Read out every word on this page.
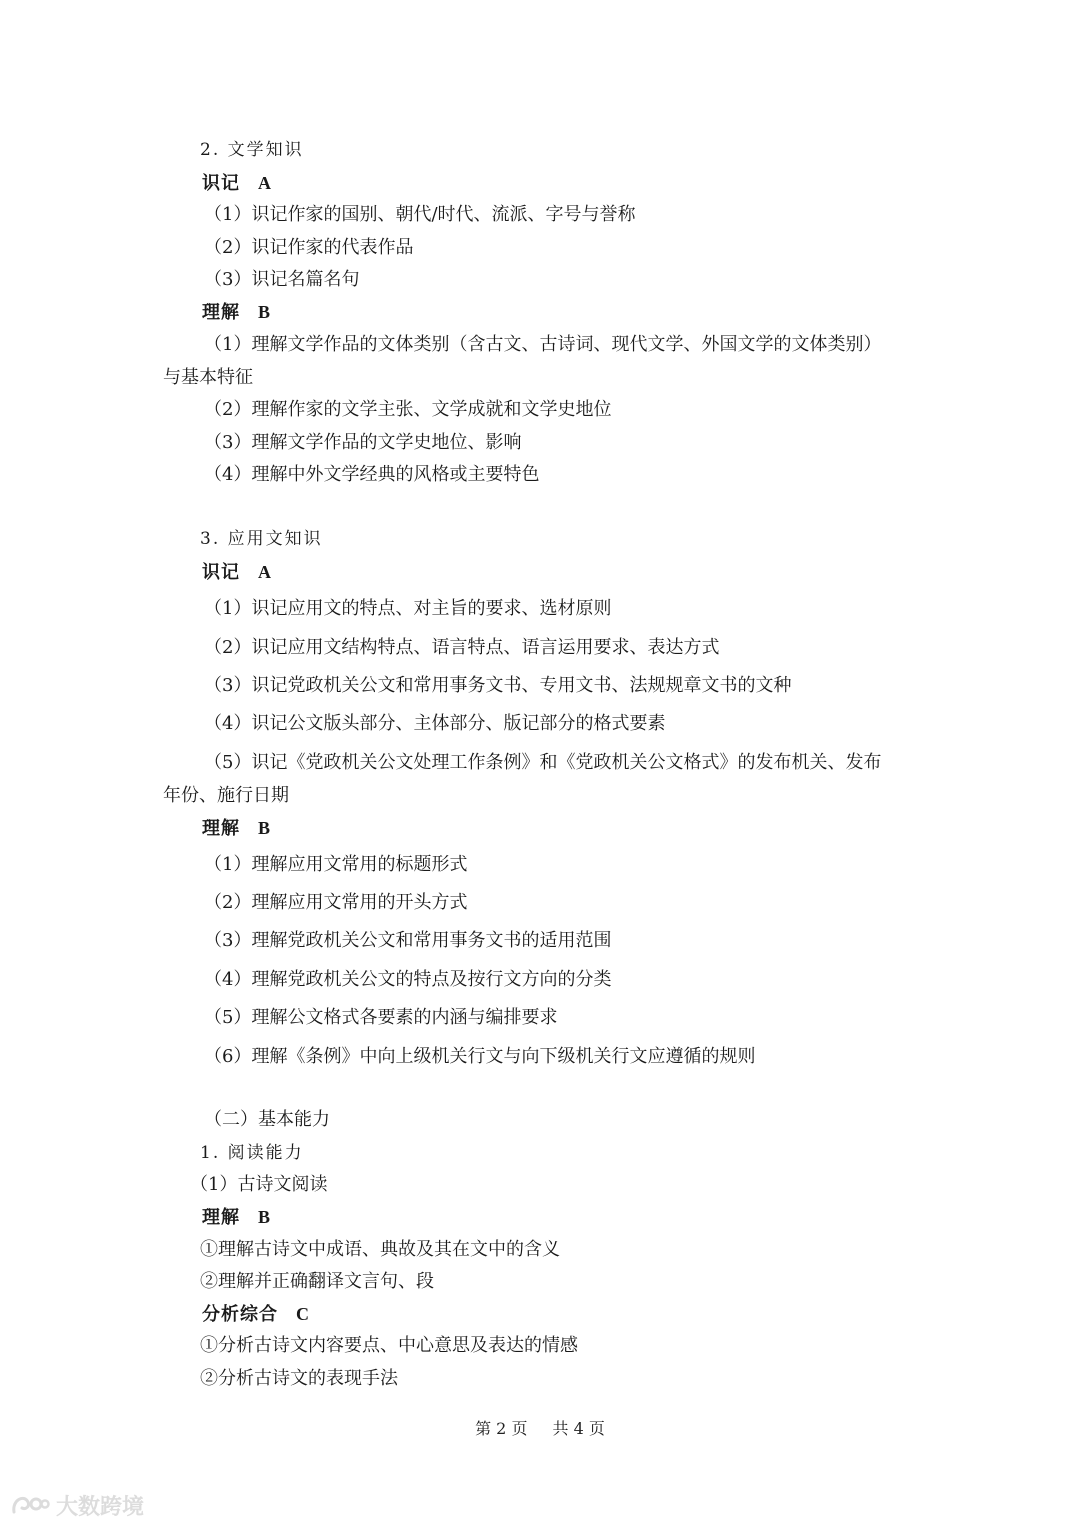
2. 文学知识
识记 A
（1）识记作家的国别、朝代/时代、流派、字号与誉称
（2）识记作家的代表作品
（3）识记名篇名句
理解 B
（1）理解文学作品的文体类别（含古文、古诗词、现代文学、外国文学的文体类别）
与基本特征
（2）理解作家的文学主张、文学成就和文学史地位
（3）理解文学作品的文学史地位、影响
（4）理解中外文学经典的风格或主要特色
3. 应用文知识
识记 A
（1）识记应用文的特点、对主旨的要求、选材原则
（2）识记应用文结构特点、语言特点、语言运用要求、表达方式
（3）识记党政机关公文和常用事务文书、专用文书、法规规章文书的文种
（4）识记公文版头部分、主体部分、版记部分的格式要素
（5）识记《党政机关公文处理工作条例》和《党政机关公文格式》的发布机关、发布
年份、施行日期
理解 B
（1）理解应用文常用的标题形式
（2）理解应用文常用的开头方式
（3）理解党政机关公文和常用事务文书的适用范围
（4）理解党政机关公文的特点及按行文方向的分类
（5）理解公文格式各要素的内涵与编排要求
（6）理解《条例》中向上级机关行文与向下级机关行文应遵循的规则
（二）基本能力
1. 阅读能力
（1）古诗文阅读
理解 B
①理解古诗文中成语、典故及其在文中的含义
②理解并正确翻译文言句、段
分析综合 C
①分析古诗文内容要点、中心意思及表达的情感
②分析古诗文的表现手法
第 2 页 共 4 页
大数跨境
